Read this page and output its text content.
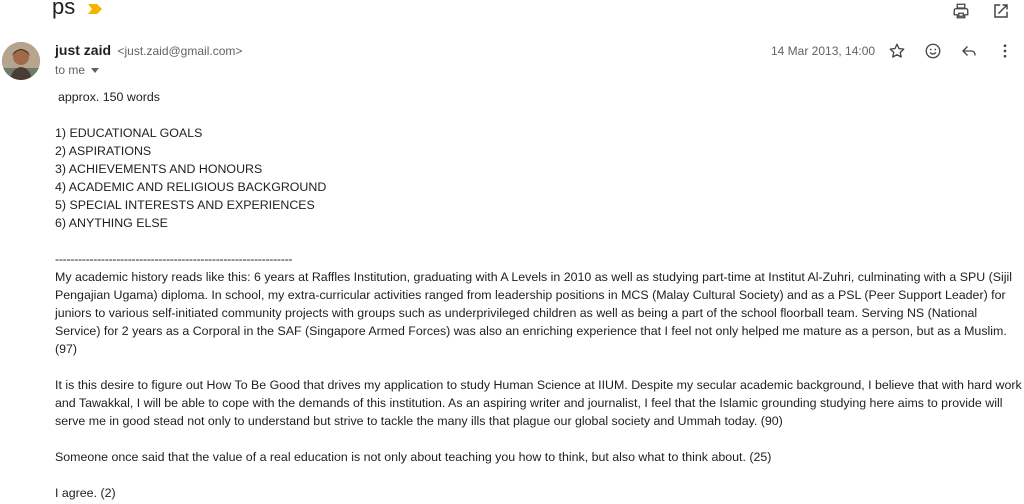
ps
just zaid <just.zaid@gmail.com>
to me
14 Mar 2013, 14:00

approx. 150 words

1) EDUCATIONAL GOALS

2) ASPIRATIONS

3) ACHIEVEMENTS AND HONOURS

4) ACADEMIC AND RELIGIOUS BACKGROUND

5) SPECIAL INTERESTS AND EXPERIENCES

6) ANYTHING ELSE

--------------------------------------------------------------

My academic history reads like this: 6 years at Raffles Institution, graduating with A Levels in 2010 as well as studying part-time at Institut Al-Zuhri, culminating with a SPU (Sijil Pengajian Ugama) diploma. In school, my extra-curricular activities ranged from leadership positions in MCS (Malay Cultural Society) and as a PSL (Peer Support Leader) for juniors to various self-initiated community projects with groups such as underprivileged children as well as being a part of the school floorball team. Serving NS (National Service) for 2 years as a Corporal in the SAF (Singapore Armed Forces) was also an enriching experience that I feel not only helped me mature as a person, but as a Muslim. (97)

It is this desire to figure out How To Be Good that drives my application to study Human Science at IIUM. Despite my secular academic background, I believe that with hard work and Tawakkal, I will be able to cope with the demands of this institution. As an aspiring writer and journalist, I feel that the Islamic grounding studying here aims to provide will serve me in good stead not only to understand but strive to tackle the many ills that plague our global society and Ummah today. (90)

Someone once said that the value of a real education is not only about teaching you how to think, but also what to think about. (25)

I agree. (2)
